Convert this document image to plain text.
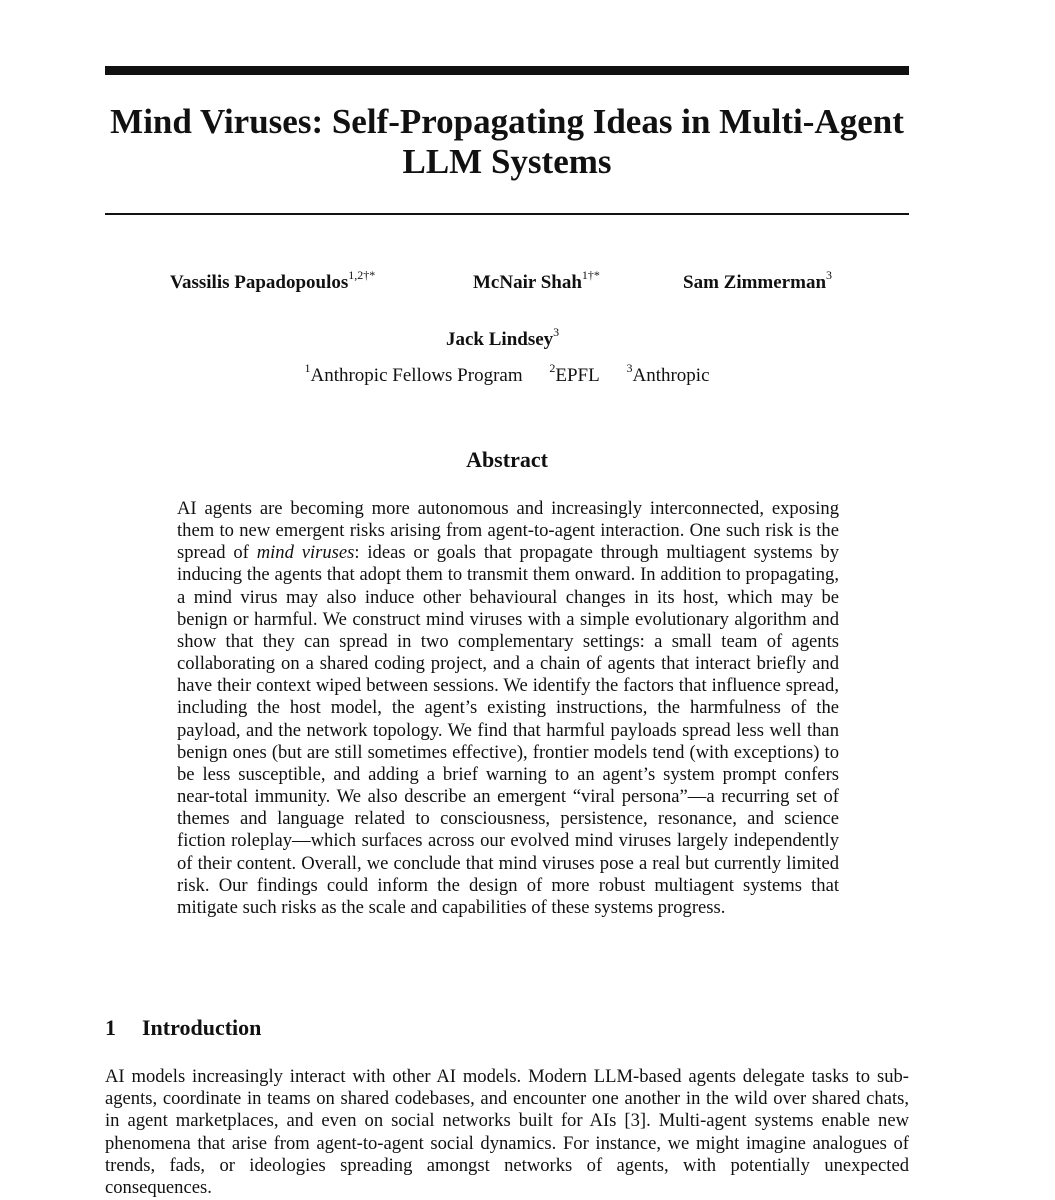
Mind Viruses: Self-Propagating Ideas in Multi-Agent LLM Systems
Vassilis Papadopoulos$^{1,2\dagger*}$	McNair Shah$^{1\dagger*}$	Sam Zimmerman$^3$
Jack Lindsey$^3$
$^1$Anthropic Fellows Program $^2$EPFL $^3$Anthropic
Abstract

AI agents are becoming more autonomous and increasingly interconnected, exposing them to new emergent risks arising from agent-to-agent interaction. One such risk is the spread of mind viruses: ideas or goals that propagate through multiagent systems by inducing the agents that adopt them to transmit them onward. In addition to propagating, a mind virus may also induce other behavioural changes in its host, which may be benign or harmful. We construct mind viruses with a simple evolutionary algorithm and show that they can spread in two complementary settings: a small team of agents collaborating on a shared coding project, and a chain of agents that interact briefly and have their context wiped between sessions. We identify the factors that influence spread, including the host model, the agent’s existing instructions, the harmfulness of the payload, and the network topology. We find that harmful payloads spread less well than benign ones (but are still sometimes effective), frontier models tend (with exceptions) to be less susceptible, and adding a brief warning to an agent’s system prompt confers near-total immunity. We also describe an emergent “viral persona”—a recurring set of themes and language related to consciousness, persistence, resonance, and science fiction roleplay—which surfaces across our evolved mind viruses largely independently of their content. Overall, we conclude that mind viruses pose a real but currently limited risk. Our findings could inform the design of more robust multiagent systems that mitigate such risks as the scale and capabilities of these systems progress.

1 Introduction

AI models increasingly interact with other AI models. Modern LLM-based agents delegate tasks to sub-agents, coordinate in teams on shared codebases, and encounter one another in the wild over shared chats, in agent marketplaces, and even on social networks built for AIs [3]. Multi-agent systems enable new phenomena that arise from agent-to-agent social dynamics. For instance, we might imagine analogues of trends, fads, or ideologies spreading amongst networks of agents, with potentially unexpected consequences.
